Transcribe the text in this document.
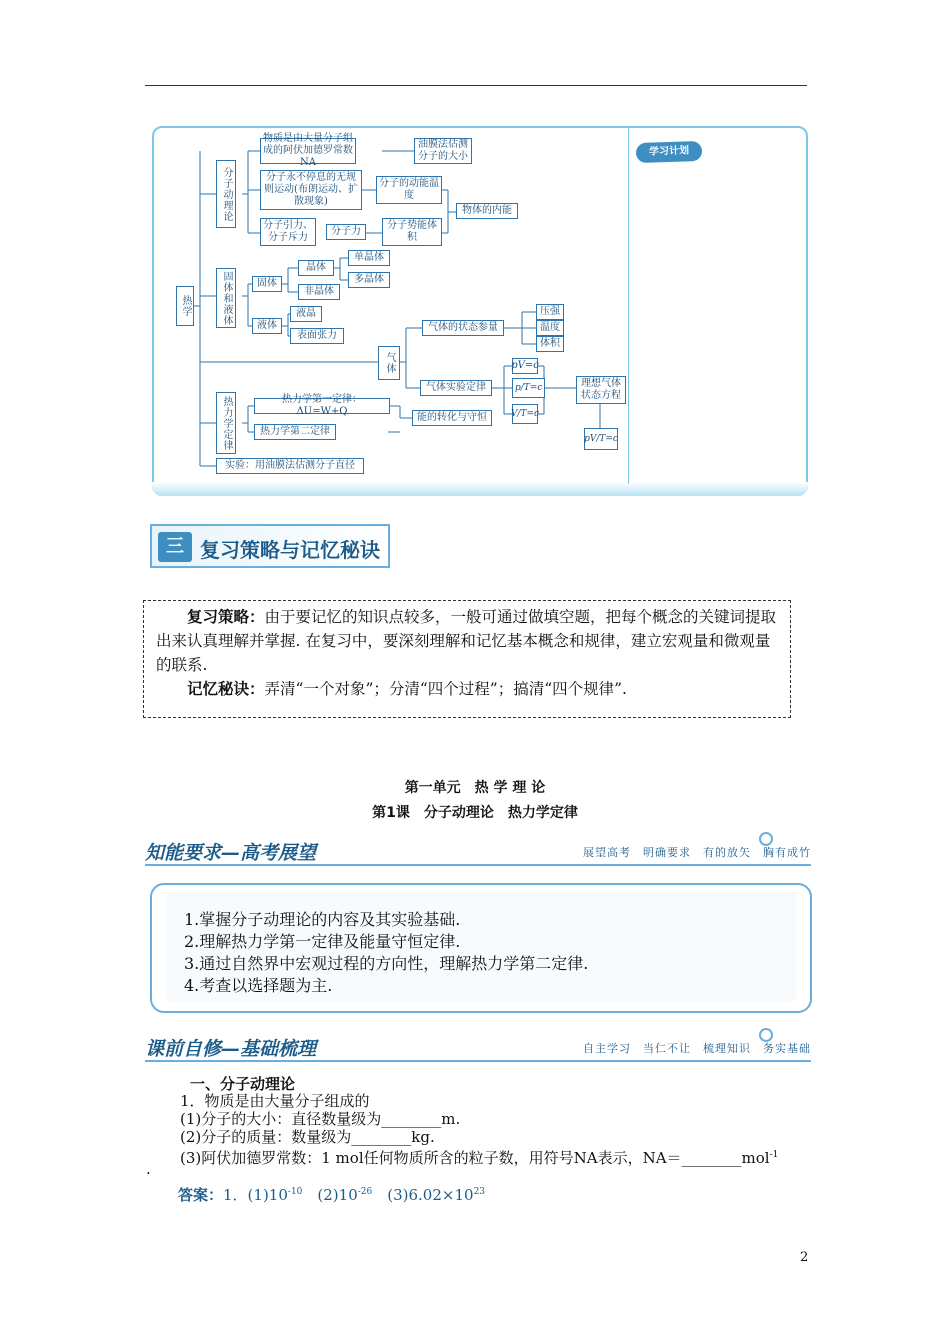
学习计划
热学
分子动理论
物质是由大量分子组成的阿伏加德罗常数NA
油膜法估测分子的大小
分子永不停息的无规则运动(布朗运动、扩散现象)
分子的动能温度
分子引力、分子斥力
分子力
分子势能体积
物体的内能
固体和液体	固体
晶体
单晶体
多晶体
非晶体
液体
液晶
表面张力
气体
气体的状态参量
压强
温度
体积
气体实验定律
pV=c
p/T=c
V/T=c
理想气体状态方程
pV/T=c
热力学定律	热力学第一定律：ΔU=W+Q
热力学第二定律
能的转化与守恒
实验：用油膜法估测分子直径
三 复习策略与记忆秘诀

复习策略：由于要记忆的知识点较多，一般可通过做填空题，把每个概念的关键词提取出来认真理解并掌握. 在复习中，要深刻理解和记忆基本概念和规律，建立宏观量和微观量的联系.

记忆秘诀：弄清“一个对象”；分清“四个过程”；搞清“四个规律”.

第一单元　热 学 理 论
第1课　分子动理论　热力学定律
知能要求—高考展望	展望高考　明确要求　有的放矢　胸有成竹
1.掌握分子动理论的内容及其实验基础.
2.理解热力学第一定律及能量守恒定律.
3.通过自然界中宏观过程的方向性，理解热力学第二定律.
4.考查以选择题为主.
课前自修—基础梳理	自主学习　当仁不让　梳理知识　务实基础
一、分子动理论
1．物质是由大量分子组成的
(1)分子的大小：直径数量级为________m.
(2)分子的质量：数量级为________kg.
(3)阿伏加德罗常数：1 mol任何物质所含的粒子数，用符号NA表示，NA＝________mol$^{-1}$
.
答案：1．$(1)10^{-10}$　$(2)10^{-26}$　$(3)6.02\times 10^{23}$
2
